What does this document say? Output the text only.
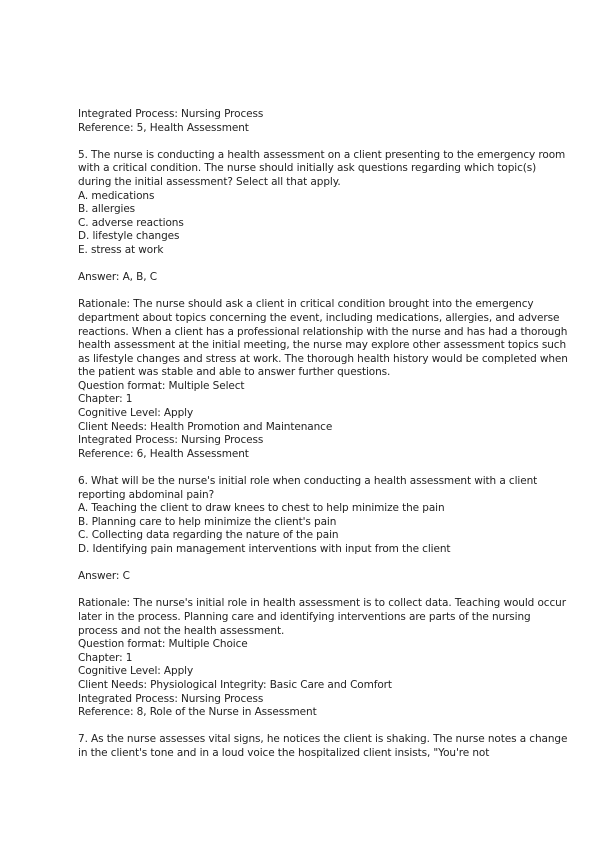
Integrated Process: Nursing Process
Reference: 5, Health Assessment

5. The nurse is conducting a health assessment on a client presenting to the emergency room with a critical condition. The nurse should initially ask questions regarding which topic(s) during the initial assessment? Select all that apply.

A. medications
B. allergies
C. adverse reactions
D. lifestyle changes
E. stress at work
Answer: A, B, C

Rationale: The nurse should ask a client in critical condition brought into the emergency department about topics concerning the event, including medications, allergies, and adverse reactions. When a client has a professional relationship with the nurse and has had a thorough health assessment at the initial meeting, the nurse may explore other assessment topics such as lifestyle changes and stress at work. The thorough health history would be completed when the patient was stable and able to answer further questions.

Question format: Multiple Select
Chapter: 1
Cognitive Level: Apply
Client Needs: Health Promotion and Maintenance
Integrated Process: Nursing Process
Reference: 6, Health Assessment

6. What will be the nurse's initial role when conducting a health assessment with a client reporting abdominal pain?

A. Teaching the client to draw knees to chest to help minimize the pain
B. Planning care to help minimize the client's pain
C. Collecting data regarding the nature of the pain
D. Identifying pain management interventions with input from the client
Answer: C

Rationale: The nurse's initial role in health assessment is to collect data. Teaching would occur later in the process. Planning care and identifying interventions are parts of the nursing process and not the health assessment.

Question format: Multiple Choice
Chapter: 1
Cognitive Level: Apply
Client Needs: Physiological Integrity: Basic Care and Comfort
Integrated Process: Nursing Process
Reference: 8, Role of the Nurse in Assessment

7. As the nurse assesses vital signs, he notices the client is shaking. The nurse notes a change in the client's tone and in a loud voice the hospitalized client insists, "You're not
